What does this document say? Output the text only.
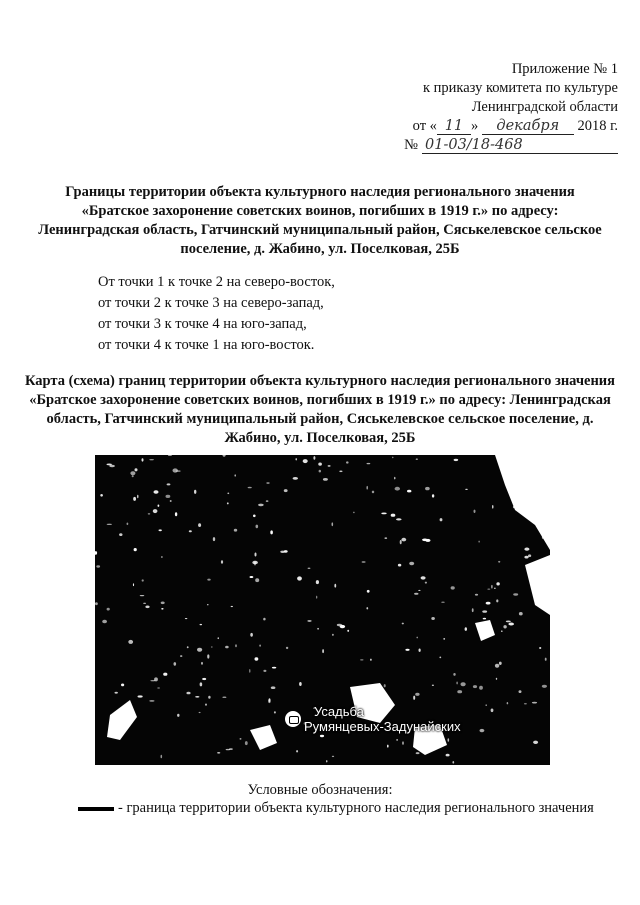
Приложение № 1
к приказу комитета по культуре
Ленинградской области
от « 11 » декабря 2018 г.
№ 01-03/18-468
Границы территории объекта культурного наследия регионального значения «Братское захоронение советских воинов, погибших в 1919 г.» по адресу: Ленинградская область, Гатчинский муниципальный район, Сяськелевское сельское поселение, д. Жабино, ул. Поселковая, 25Б
От точки 1 к точке 2 на северо-восток,
от точки 2 к точке 3 на северо-запад,
от точки 3 к точке 4 на юго-запад,
от точки 4 к точке 1 на юго-восток.
Карта (схема) границ территории объекта культурного наследия регионального значения «Братское захоронение советских воинов, погибших в 1919 г.» по адресу: Ленинградская область, Гатчинский муниципальный район, Сяськелевское сельское поселение, д. Жабино, ул. Поселковая, 25Б
Усадьба
Румянцевых-Задунайских
Условные обозначения:
- граница территории объекта культурного наследия регионального значения
